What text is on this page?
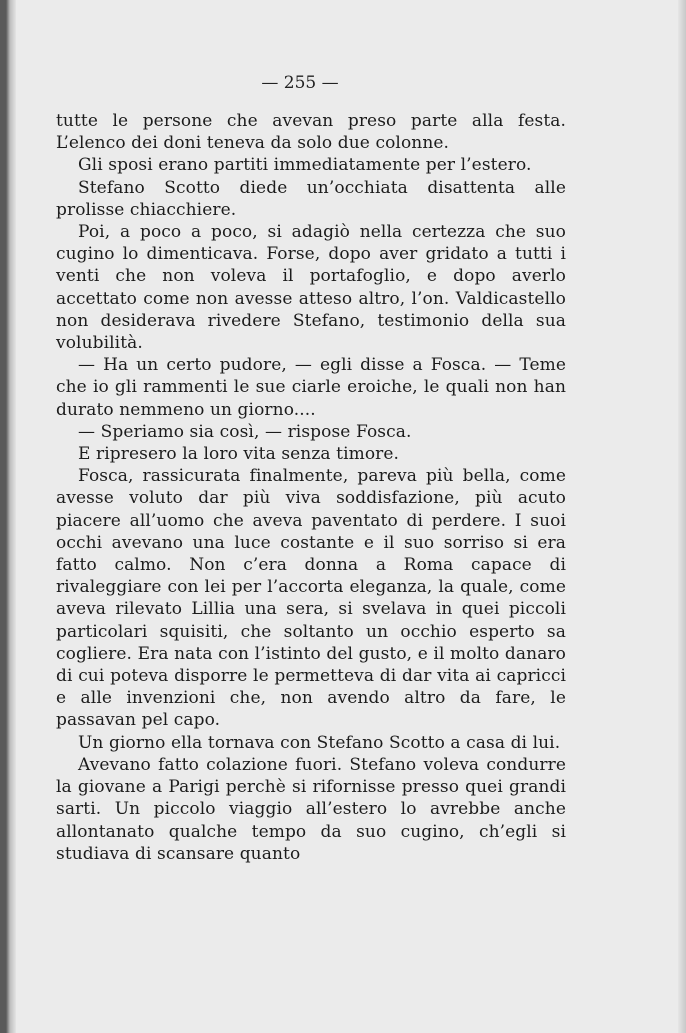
— 255 —

tutte le persone che avevan preso parte alla festa. L’elenco dei doni teneva da solo due colonne.

Gli sposi erano partiti immediatamente per l’estero.

Stefano Scotto diede un’occhiata disattenta alle prolisse chiacchiere.

Poi, a poco a poco, si adagiò nella certezza che suo cugino lo dimenticava. Forse, dopo aver gridato a tutti i venti che non voleva il portafoglio, e dopo averlo accettato come non avesse atteso altro, l’on. Valdicastello non desiderava rivedere Stefano, testimonio della sua volubilità.

— Ha un certo pudore, — egli disse a Fosca. — Teme che io gli rammenti le sue ciarle eroiche, le quali non han durato nemmeno un giorno....

— Speriamo sia così, — rispose Fosca.

E ripresero la loro vita senza timore.

Fosca, rassicurata finalmente, pareva più bella, come avesse voluto dar più viva soddisfazione, più acuto piacere all’uomo che aveva paventato di perdere. I suoi occhi avevano una luce costante e il suo sorriso si era fatto calmo. Non c’era donna a Roma capace di rivaleggiare con lei per l’accorta eleganza, la quale, come aveva rilevato Lillia una sera, si svelava in quei piccoli particolari squisiti, che soltanto un occhio esperto sa cogliere. Era nata con l’istinto del gusto, e il molto danaro di cui poteva disporre le permetteva di dar vita ai capricci e alle invenzioni che, non avendo altro da fare, le passavan pel capo.

Un giorno ella tornava con Stefano Scotto a casa di lui.

Avevano fatto colazione fuori. Stefano voleva condurre la giovane a Parigi perchè si rifornisse presso quei grandi sarti. Un piccolo viaggio all’estero lo avrebbe anche allontanato qualche tempo da suo cugino, ch’egli si studiava di scansare quanto
